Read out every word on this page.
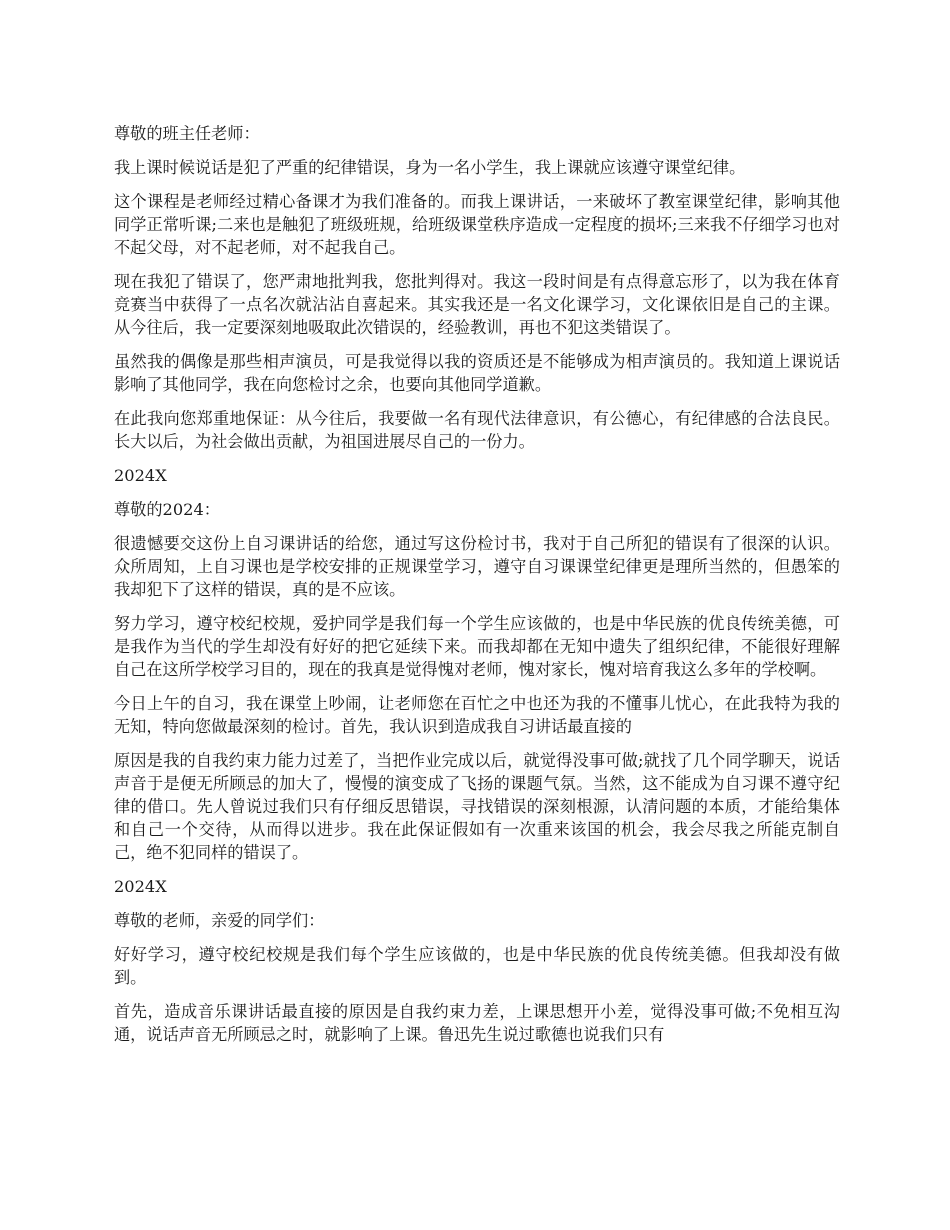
尊敬的班主任老师：

我上课时候说话是犯了严重的纪律错误，身为一名小学生，我上课就应该遵守课堂纪律。

这个课程是老师经过精心备课才为我们准备的。而我上课讲话，一来破坏了教室课堂纪律，影响其他同学正常听课;二来也是触犯了班级班规，给班级课堂秩序造成一定程度的损坏;三来我不仔细学习也对不起父母，对不起老师，对不起我自己。

现在我犯了错误了，您严肃地批判我，您批判得对。我这一段时间是有点得意忘形了，以为我在体育竞赛当中获得了一点名次就沾沾自喜起来。其实我还是一名文化课学习，文化课依旧是自己的主课。从今往后，我一定要深刻地吸取此次错误的，经验教训，再也不犯这类错误了。

虽然我的偶像是那些相声演员，可是我觉得以我的资质还是不能够成为相声演员的。我知道上课说话影响了其他同学，我在向您检讨之余，也要向其他同学道歉。

在此我向您郑重地保证：从今往后，我要做一名有现代法律意识，有公德心，有纪律感的合法良民。长大以后，为社会做出贡献，为祖国进展尽自己的一份力。

2024X

尊敬的2024：

很遗憾要交这份上自习课讲话的给您，通过写这份检讨书，我对于自己所犯的错误有了很深的认识。众所周知，上自习课也是学校安排的正规课堂学习，遵守自习课课堂纪律更是理所当然的，但愚笨的我却犯下了这样的错误，真的是不应该。

努力学习，遵守校纪校规，爱护同学是我们每一个学生应该做的，也是中华民族的优良传统美德，可是我作为当代的学生却没有好好的把它延续下来。而我却都在无知中遗失了组织纪律，不能很好理解自己在这所学校学习目的，现在的我真是觉得愧对老师，愧对家长，愧对培育我这么多年的学校啊。

今日上午的自习，我在课堂上吵闹，让老师您在百忙之中也还为我的不懂事儿忧心，在此我特为我的无知，特向您做最深刻的检讨。首先，我认识到造成我自习讲话最直接的

原因是我的自我约束力能力过差了，当把作业完成以后，就觉得没事可做;就找了几个同学聊天，说话声音于是便无所顾忌的加大了，慢慢的演变成了飞扬的课题气氛。当然，这不能成为自习课不遵守纪律的借口。先人曾说过我们只有仔细反思错误，寻找错误的深刻根源，认清问题的本质，才能给集体和自己一个交待，从而得以进步。我在此保证假如有一次重来该国的机会，我会尽我之所能克制自己，绝不犯同样的错误了。

2024X

尊敬的老师，亲爱的同学们：

好好学习，遵守校纪校规是我们每个学生应该做的，也是中华民族的优良传统美德。但我却没有做到。

首先，造成音乐课讲话最直接的原因是自我约束力差，上课思想开小差，觉得没事可做;不免相互沟通，说话声音无所顾忌之时，就影响了上课。鲁迅先生说过歌德也说我们只有
